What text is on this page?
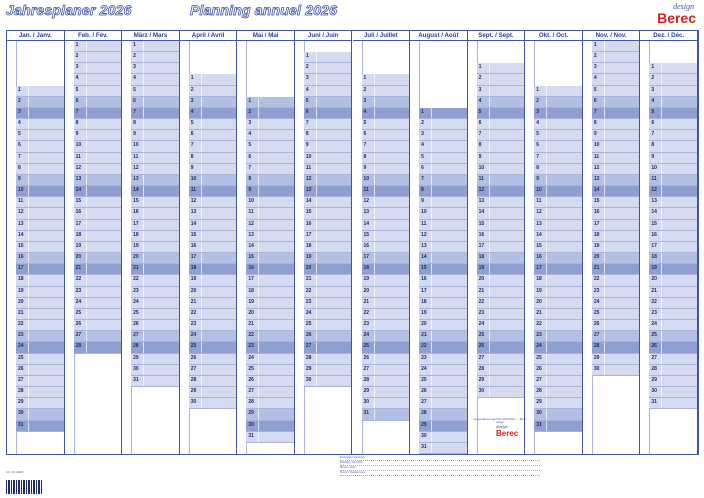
Jahresplaner 2026	Planning annuel 2026	design
Berec
Jan. / Janv.
1
2
3
4
5
6
7
8
9
10
11
12
13
14
15
16
17
18
19
20
21
22
23
24
25
26
27
28
29
30
31
Feb. / Fév.
1
2
3
4
5
6
7
8
9
10
11
12
13
14
15
16
17
18
19
20
21
22
23
24
25
26
27
28
März / Mars
1
2
3
4
5
6
7
8
9
10
11
12
13
14
15
16
17
18
19
20
21
22
23
24
25
26
27
28
29
30
31
April / Avril
1
2
3
4
5
6
7
8
9
10
11
12
13
14
15
16
17
18
19
20
21
22
23
24
25
26
27
28
29
30
Mai / Mai
1
2
3
4
5
6
7
8
9
10
11
12
13
14
15
16
17
18
19
20
21
22
23
24
25
26
27
28
29
30
31
Juni / Juin
1
2
3
4
5
6
7
8
9
10
11
12
13
14
15
16
17
18
19
20
21
22
23
24
25
26
27
28
29
30
Juli / Juillet
1
2
3
4
5
6
7
8
9
10
11
12
13
14
15
16
17
18
19
20
21
22
23
24
25
26
27
28
29
30
31
August / Août
1
2
3
4
5
6
7
8
9
10
11
12
13
14
15
16
17
18
19
20
21
22
23
24
25
26
27
28
29
30
31
Sept. / Sept.
1
2
3
4
5
6
7
8
9
10
11
12
13
14
15
16
17
18
19
20
21
22
23
24
25
26
27
28
29
30
Okt. / Oct.
1
2
3
4
5
6
7
8
9
10
11
12
13
14
15
16
17
18
19
20
21
22
23
24
25
26
27
28
29
30
31
Nov. / Nov.
1
2
3
4
5
6
7
8
9
10
11
12
13
14
15
16
17
18
19
20
21
22
23
24
25
26
27
28
29
30
Dez. / Déc.
1
2
3
4
5
6
7
8
9
10
11
12
13
14
15
16
17
18
19
20
21
22
23
24
25
26
27
28
29
30
31
Art.-Nr. 2026
Hergestellt aus geprüften Rohstoffen — Berec design
design
Berec
Ferienzeit / Vacances
Feiertag / Jour férié
Messe / Foire
Termin / Rendez-vous
